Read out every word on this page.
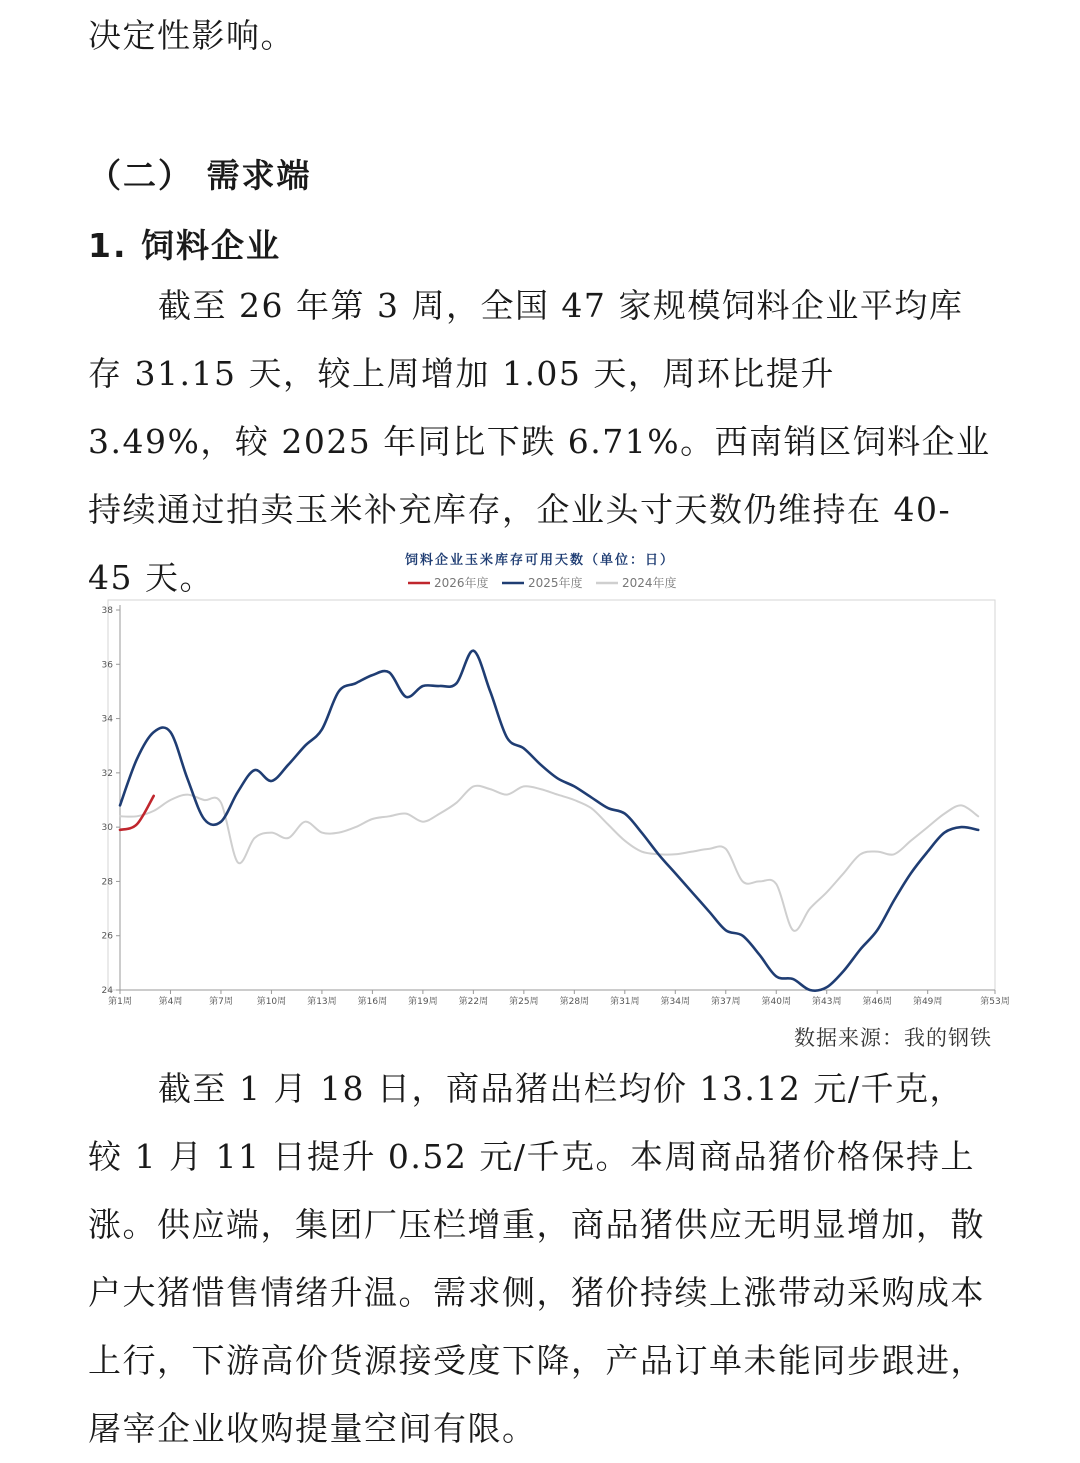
决定性影响。
（二） 需求端
1. 饲料企业

截至 26 年第 3 周，全国 47 家规模饲料企业平均库存 31.15 天，较上周增加 1.05 天，周环比提升 3.49%，较 2025 年同比下跌 6.71%。西南销区饲料企业持续通过拍卖玉米补充库存，企业头寸天数仍维持在 40-45 天。	饲料企业玉米库存可用天数（单位：日）
2026年度	2025年度	2024年度
24
26
28
30
32
34
36
38
第1周	第4周	第7周	第10周 第13周 第16周 第19周 第22周 第25周 第28周 第31周 第34周 第37周 第40周 第43周 第46周 第49周	第53周
数据来源：我的钢铁

截至 1 月 18 日，商品猪出栏均价 13.12 元/千克，较 1 月 11 日提升 0.52 元/千克。本周商品猪价格保持上涨。供应端，集团厂压栏增重，商品猪供应无明显增加，散户大猪惜售情绪升温。需求侧，猪价持续上涨带动采购成本上行，下游高价货源接受度下降，产品订单未能同步跟进，屠宰企业收购提量空间有限。
